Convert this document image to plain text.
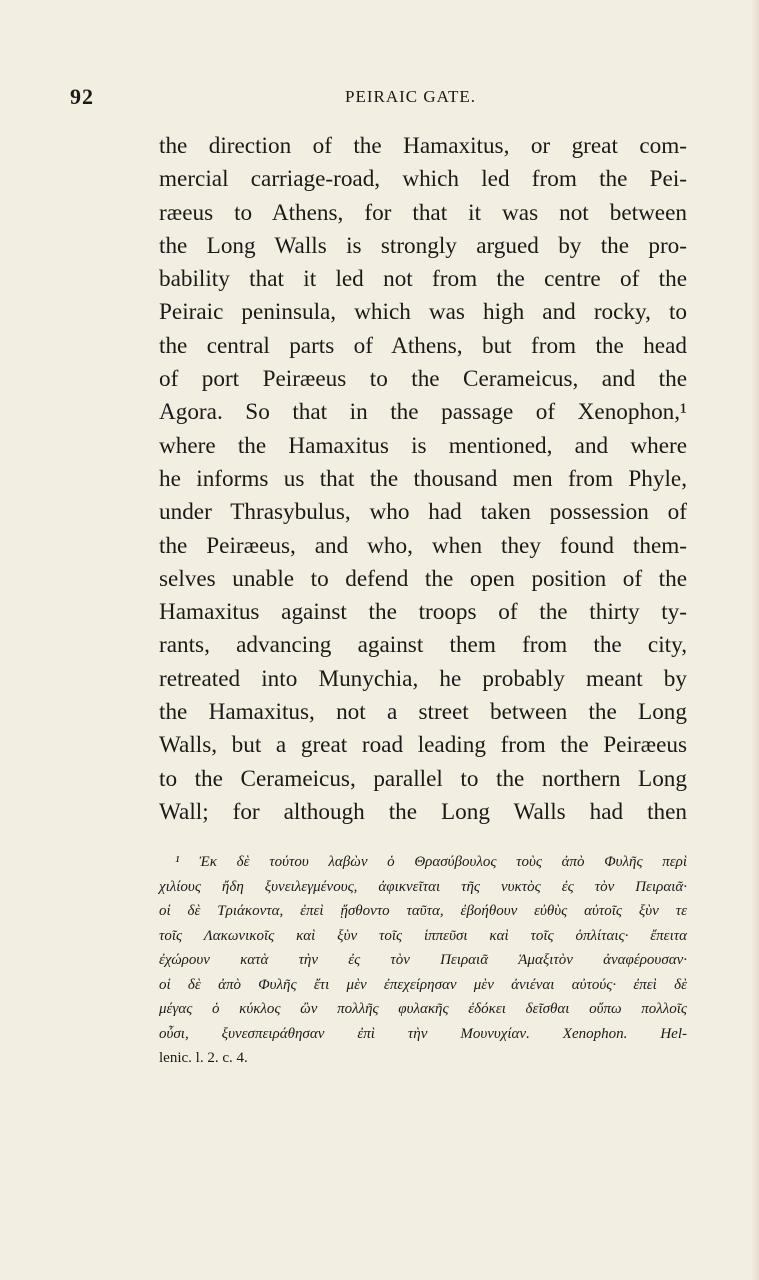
92	PEIRAIC GATE.
the direction of the Hamaxitus, or great com-
mercial carriage-road, which led from the Pei-
ræeus to Athens, for that it was not between
the Long Walls is strongly argued by the pro-
bability that it led not from the centre of the
Peiraic peninsula, which was high and rocky, to
the central parts of Athens, but from the head
of port Peiræeus to the Cerameicus, and the
Agora. So that in the passage of Xenophon,¹
where the Hamaxitus is mentioned, and where
he informs us that the thousand men from Phyle,
under Thrasybulus, who had taken possession of
the Peiræeus, and who, when they found them-
selves unable to defend the open position of the
Hamaxitus against the troops of the thirty ty-
rants, advancing against them from the city,
retreated into Munychia, he probably meant by
the Hamaxitus, not a street between the Long
Walls, but a great road leading from the Peiræeus
to the Cerameicus, parallel to the northern Long
Wall; for although the Long Walls had then
¹ Ἐκ δὲ τούτου λαβὼν ὁ Θρασύβουλος τοὺς ἀπὸ Φυλῆς περὶ
χιλίους ἤδη ξυνειλεγμένους, ἀφικνεῖται τῆς νυκτὸς ἐς τὸν Πειραιᾶ·
οἱ δὲ Τριάκοντα, ἐπεὶ ᾔσθοντο ταῦτα, ἐβοήθουν εὐθὺς αὐτοῖς ξὺν τε
τοῖς Λακωνικοῖς καὶ ξὺν τοῖς ἱππεῦσι καὶ τοῖς ὁπλίταις· ἔπειτα
ἐχώρουν κατὰ τὴν ἐς τὸν Πειραιᾶ Ἁμαξιτὸν ἀναφέρουσαν·
οἱ δὲ ἀπὸ Φυλῆς ἔτι μὲν ἐπεχείρησαν μὲν ἀνιέναι αὐτούς· ἐπεὶ δὲ
μέγας ὁ κύκλος ὢν πολλῆς φυλακῆς ἐδόκει δεῖσθαι οὔπω πολλοῖς
οὖσι, ξυνεσπειράθησαν ἐπὶ τὴν Μουνυχίαν. Xenophon. Hel-
lenic. l. 2. c. 4.
